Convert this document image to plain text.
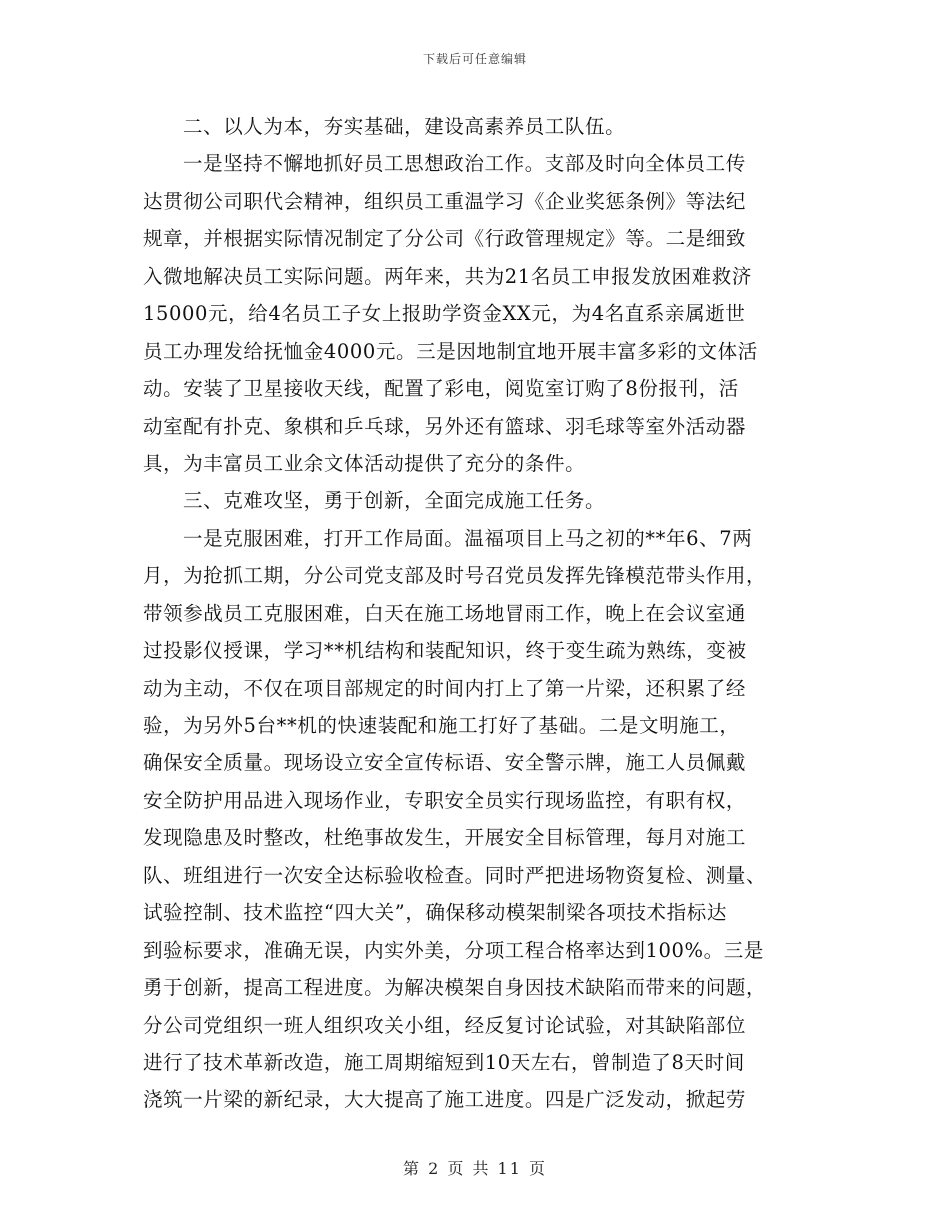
下载后可任意编辑
二、以人为本，夯实基础，建设高素养员工队伍。
一是坚持不懈地抓好员工思想政治工作。支部及时向全体员工传
达贯彻公司职代会精神，组织员工重温学习《企业奖惩条例》等法纪
规章，并根据实际情况制定了分公司《行政管理规定》等。二是细致
入微地解决员工实际问题。两年来，共为21名员工申报发放困难救济
15000元，给4名员工子女上报助学资金XX元，为4名直系亲属逝世
员工办理发给抚恤金4000元。三是因地制宜地开展丰富多彩的文体活
动。安装了卫星接收天线，配置了彩电，阅览室订购了8份报刊，活
动室配有扑克、象棋和乒乓球，另外还有篮球、羽毛球等室外活动器
具，为丰富员工业余文体活动提供了充分的条件。
三、克难攻坚，勇于创新，全面完成施工任务。
一是克服困难，打开工作局面。温福项目上马之初的**年6、7两
月，为抢抓工期，分公司党支部及时号召党员发挥先锋模范带头作用，
带领参战员工克服困难，白天在施工场地冒雨工作，晚上在会议室通
过投影仪授课，学习**机结构和装配知识，终于变生疏为熟练，变被
动为主动，不仅在项目部规定的时间内打上了第一片梁，还积累了经
验，为另外5台**机的快速装配和施工打好了基础。二是文明施工，
确保安全质量。现场设立安全宣传标语、安全警示牌，施工人员佩戴
安全防护用品进入现场作业，专职安全员实行现场监控，有职有权，
发现隐患及时整改，杜绝事故发生，开展安全目标管理，每月对施工
队、班组进行一次安全达标验收检查。同时严把进场物资复检、测量、
试验控制、技术监控“四大关”，确保移动模架制梁各项技术指标达
到验标要求，准确无误，内实外美，分项工程合格率达到100%。三是
勇于创新，提高工程进度。为解决模架自身因技术缺陷而带来的问题，
分公司党组织一班人组织攻关小组，经反复讨论试验，对其缺陷部位
进行了技术革新改造，施工周期缩短到10天左右，曾制造了8天时间
浇筑一片梁的新纪录，大大提高了施工进度。四是广泛发动，掀起劳
第 2 页 共 11 页
